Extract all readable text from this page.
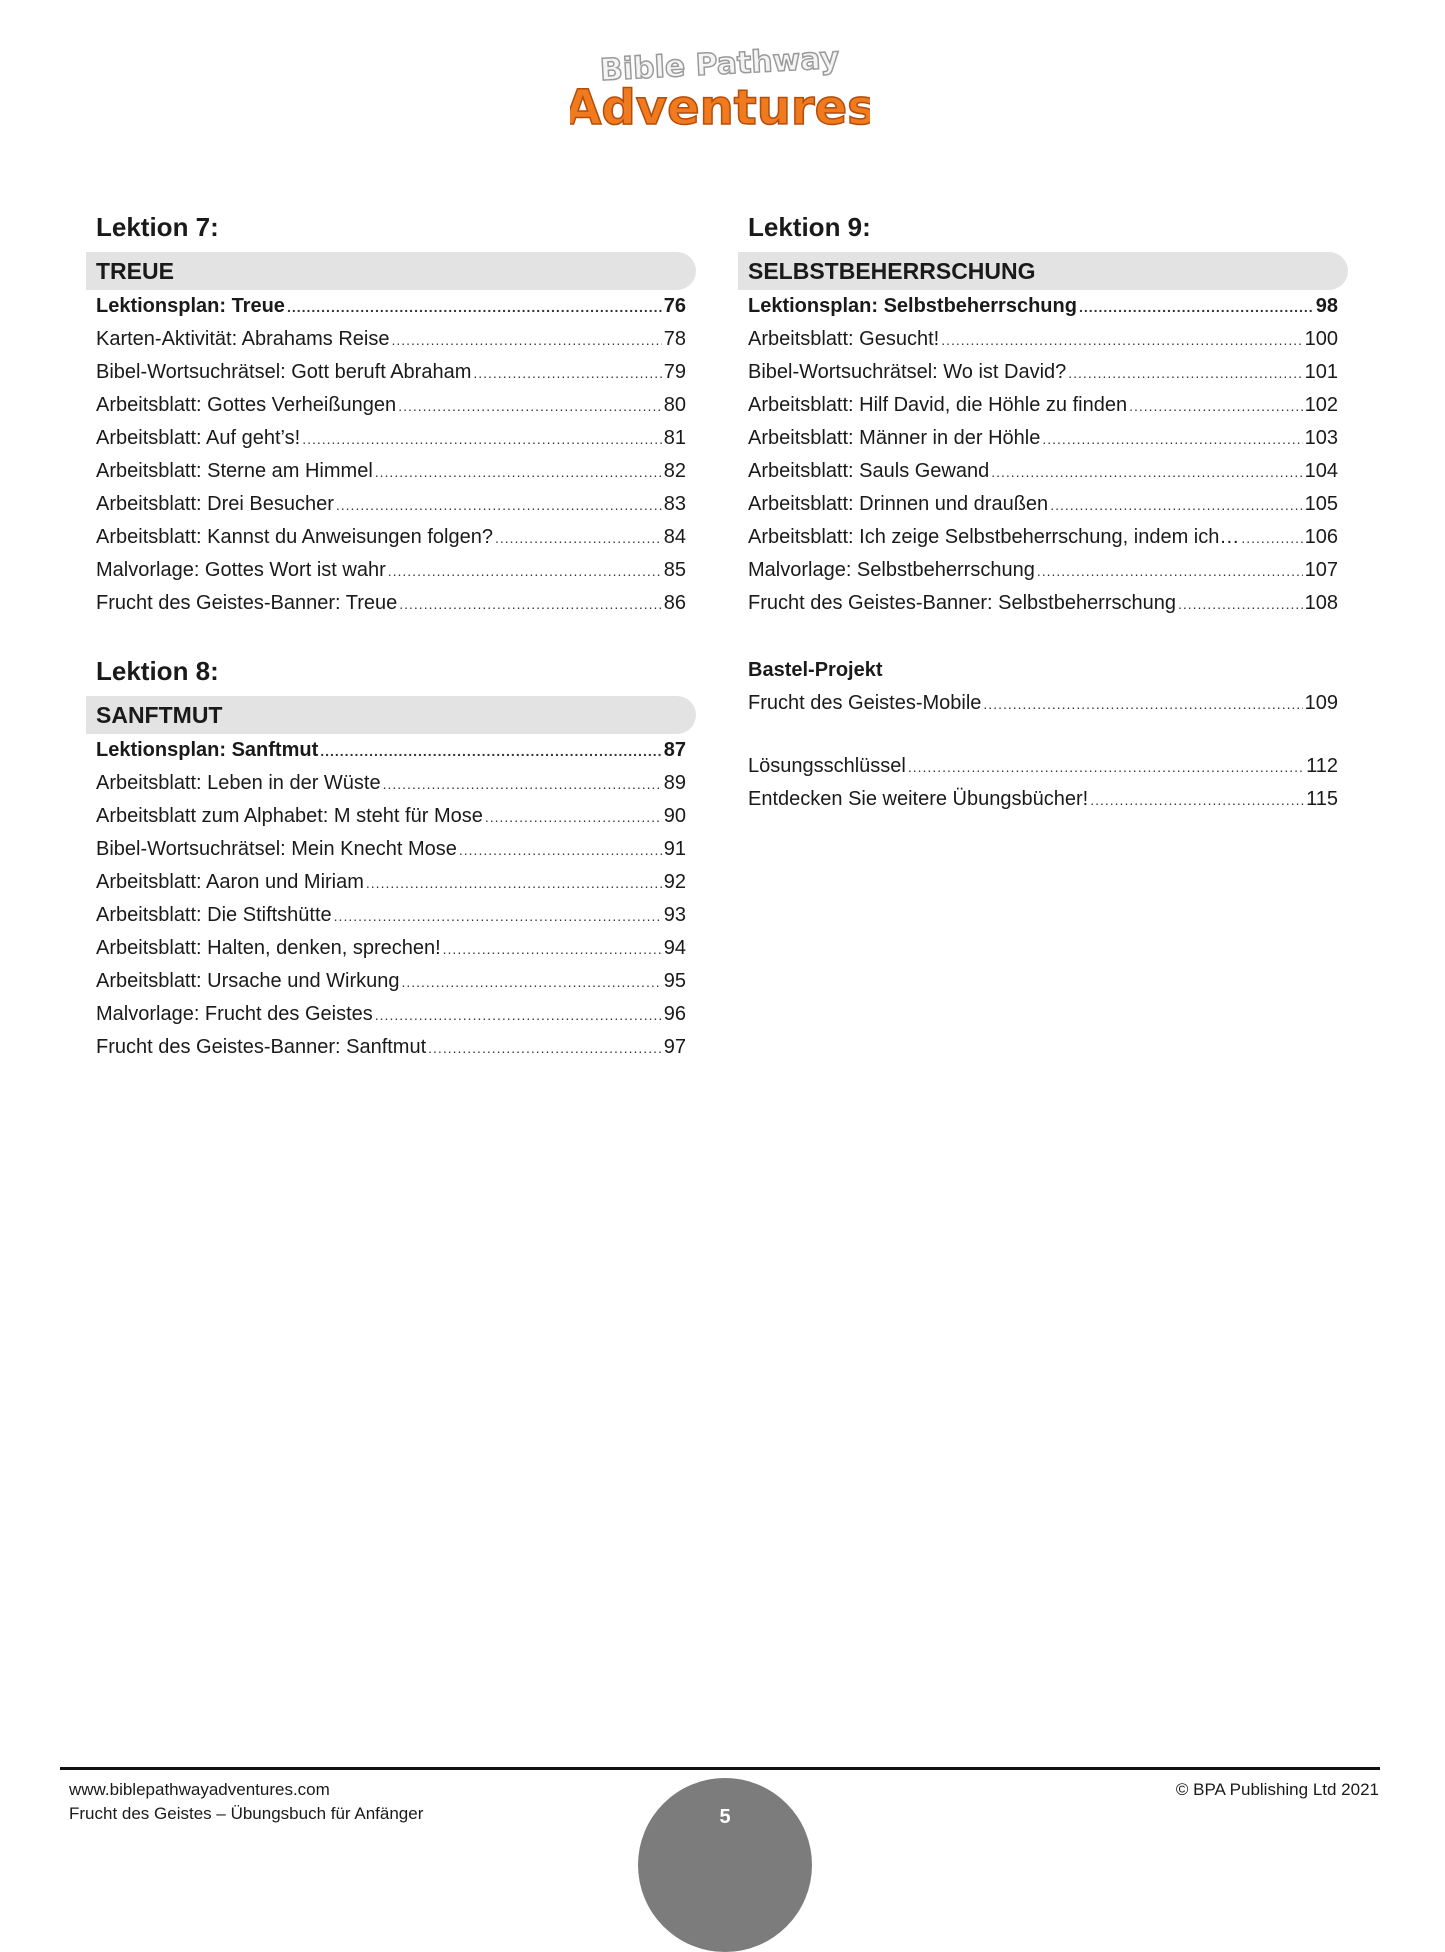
Bible Pathway
Adventures
Lektion 7:
TREUE
Lektionsplan: Treue .....	76
Karten-Aktivität: Abrahams Reise .....	78
Bibel-Wortsuchrätsel: Gott beruft Abraham .....	79
Arbeitsblatt: Gottes Verheißungen .....	80
Arbeitsblatt: Auf geht’s! .....	81
Arbeitsblatt: Sterne am Himmel .....	82
Arbeitsblatt: Drei Besucher .....	83
Arbeitsblatt: Kannst du Anweisungen folgen? .....	84
Malvorlage: Gottes Wort ist wahr .....	85
Frucht des Geistes-Banner: Treue .....	86
Lektion 8:
SANFTMUT
Lektionsplan: Sanftmut .....	87
Arbeitsblatt: Leben in der Wüste .....	89
Arbeitsblatt zum Alphabet: M steht für Mose .....	90
Bibel-Wortsuchrätsel: Mein Knecht Mose .....	91
Arbeitsblatt: Aaron und Miriam .....	92
Arbeitsblatt: Die Stiftshütte .....	93
Arbeitsblatt: Halten, denken, sprechen! .....	94
Arbeitsblatt: Ursache und Wirkung .....	95
Malvorlage: Frucht des Geistes .....	96
Frucht des Geistes-Banner: Sanftmut .....	97
Lektion 9:
SELBSTBEHERRSCHUNG
Lektionsplan: Selbstbeherrschung .....	98
Arbeitsblatt: Gesucht! .....	100
Bibel-Wortsuchrätsel: Wo ist David? .....	101
Arbeitsblatt: Hilf David, die Höhle zu finden .....	102
Arbeitsblatt: Männer in der Höhle .....	103
Arbeitsblatt: Sauls Gewand .....	104
Arbeitsblatt: Drinnen und draußen .....	105
Arbeitsblatt: Ich zeige Selbstbeherrschung, indem ich… .....	106
Malvorlage: Selbstbeherrschung .....	107
Frucht des Geistes-Banner: Selbstbeherrschung .....	108
Bastel-Projekt
Frucht des Geistes-Mobile .....	109
Lösungsschlüssel .....	112
Entdecken Sie weitere Übungsbücher! .....	115
www.biblepathwayadventures.com
Frucht des Geistes – Übungsbuch für Anfänger
© BPA Publishing Ltd 2021
5
